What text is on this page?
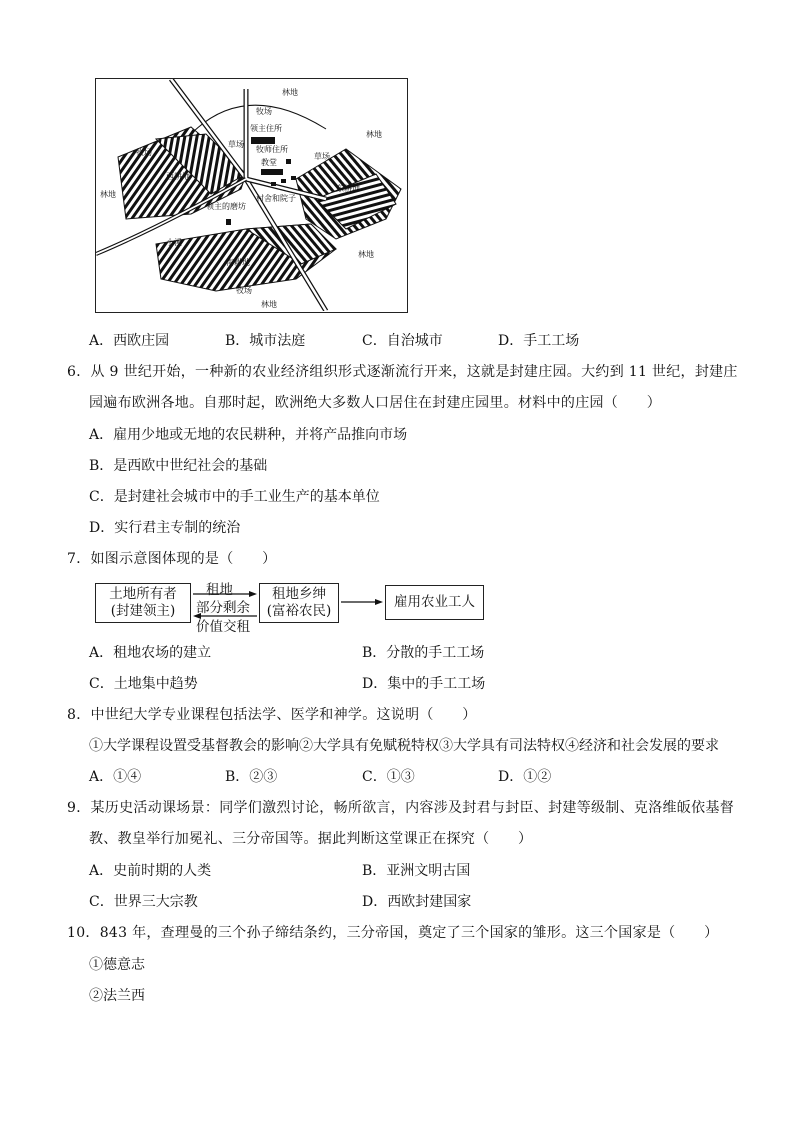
林地
牧场
林地
领主住所
牧师住所
教堂
草场
草场
牧场
西耕地
林地
东耕地
领主的磨坊
村舍和院子
小溪
南耕地
林地
牧场
林地
A．西欧庄园	B．城市法庭	C．自治城市	D．手工工场
6．从 9 世纪开始，一种新的农业经济组织形式逐渐流行开来，这就是封建庄园。大约到 11 世纪，封建庄
园遍布欧洲各地。自那时起，欧洲绝大多数人口居住在封建庄园里。材料中的庄园（　　）
A．雇用少地或无地的农民耕种，并将产品推向市场
B．是西欧中世纪社会的基础
C．是封建社会城市中的手工业生产的基本单位
D．实行君主专制的统治
7．如图示意图体现的是（　　）
土地所有者
(封建领主)
租地
部分剩余
价值交租
租地乡绅
(富裕农民)
雇用农业工人
A．租地农场的建立	B．分散的手工工场
C．土地集中趋势	D．集中的手工工场
8．中世纪大学专业课程包括法学、医学和神学。这说明（　　）
①大学课程设置受基督教会的影响②大学具有免赋税特权③大学具有司法特权④经济和社会发展的要求
A．①④	B．②③	C．①③	D．①②
9．某历史活动课场景：同学们激烈讨论，畅所欲言，内容涉及封君与封臣、封建等级制、克洛维皈依基督
教、教皇举行加冕礼、三分帝国等。据此判断这堂课正在探究（　　）
A．史前时期的人类	B．亚洲文明古国
C．世界三大宗教	D．西欧封建国家
10．843 年，查理曼的三个孙子缔结条约，三分帝国，奠定了三个国家的雏形。这三个国家是（　　）
①德意志
②法兰西
